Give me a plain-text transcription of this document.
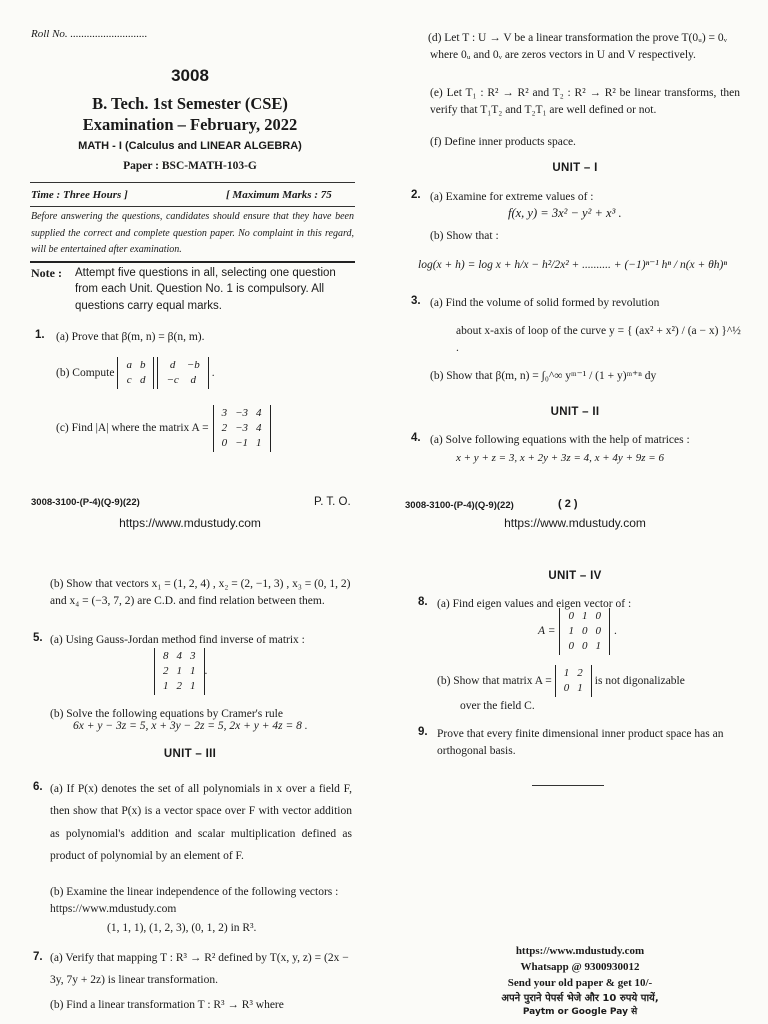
Roll No. ............................
3008
B. Tech. 1st Semester (CSE)
Examination – February, 2022
MATH - I (Calculus and LINEAR ALGEBRA)
Paper : BSC-MATH-103-G
Time : Three Hours ]	[ Maximum Marks : 75
Before answering the questions, candidates should ensure that they have been supplied the correct and complete question paper. No complaint in this regard, will be entertained after examination.
Note :	Attempt five questions in all, selecting one question from each Unit. Question No. 1 is compulsory. All questions carry equal marks.
1. (a) Prove that β(m, n) = β(n, m).
(b) Compute
a	b
c	d
d	−b
−c	d
.
(c) Find |A| where the matrix A =
3	−3	4
2	−3	4
0	−1	1
3008-3100-(P-4)(Q-9)(22)	P. T. O.
https://www.mdustudy.com
(d) Let T : U → V be a linear transformation the prove T(0ᵤ) = 0ᵥ where 0ᵤ and 0ᵥ are zeros vectors in U and V respectively.
(e) Let T₁ : R² → R² and T₂ : R² → R² be linear transforms, then verify that T₁T₂ and T₂T₁ are well defined or not.
(f) Define inner products space.
UNIT – I
2. (a) Examine for extreme values of :
f(x, y) = 3x² − y² + x³ .
(b) Show that :
log(x + h) = log x + h/x − h²/2x² + .......... + (−1)ⁿ⁻¹ hⁿ / n(x + θh)ⁿ
3. (a) Find the volume of solid formed by revolution
about x-axis of loop of the curve y = { (ax² + x²) / (a − x) }^½ .
(b) Show that β(m, n) = ∫₀^∞ yᵐ⁻¹ / (1 + y)ᵐ⁺ⁿ dy
UNIT – II
4. (a) Solve following equations with the help of matrices :
x + y + z = 3, x + 2y + 3z = 4, x + 4y + 9z = 6
3008-3100-(P-4)(Q-9)(22)	( 2 )
https://www.mdustudy.com
(b) Show that vectors x₁ = (1, 2, 4) , x₂ = (2, −1, 3) , x₃ = (0, 1, 2) and x₄ = (−3, 7, 2) are C.D. and find relation between them.
5. (a) Using Gauss-Jordan method find inverse of matrix :
8	4	3
2	1	1
1	2	1
.
(b) Solve the following equations by Cramer's rule
6x + y − 3z = 5, x + 3y − 2z = 5, 2x + y + 4z = 8 .
UNIT – III
6. (a) If P(x) denotes the set of all polynomials in x over a field F, then show that P(x) is a vector space over F with vector addition as polynomial's addition and scalar multiplication defined as product of polynomial by an element of F.
(b) Examine the linear independence of the following vectors : https://www.mdustudy.com
(1, 1, 1), (1, 2, 3), (0, 1, 2) in R³.
7. (a) Verify that mapping T : R³ → R² defined by T(x, y, z) = (2x − 3y, 7y + 2z) is linear transformation.
(b) Find a linear transformation T : R³ → R³ where
UNIT – IV
8. (a) Find eigen values and eigen vector of :
A =
0	1	0
1	0	0
0	0	1
.
(b) Show that matrix A =
1	2
0	1
is not digonalizable
over the field C.
9. Prove that every finite dimensional inner product space has an orthogonal basis.
https://www.mdustudy.com
Whatsapp @ 9300930012
Send your old paper & get 10/-
अपने पुराने पेपर्स भेजे और 10 रुपये पायें,
Paytm or Google Pay से
